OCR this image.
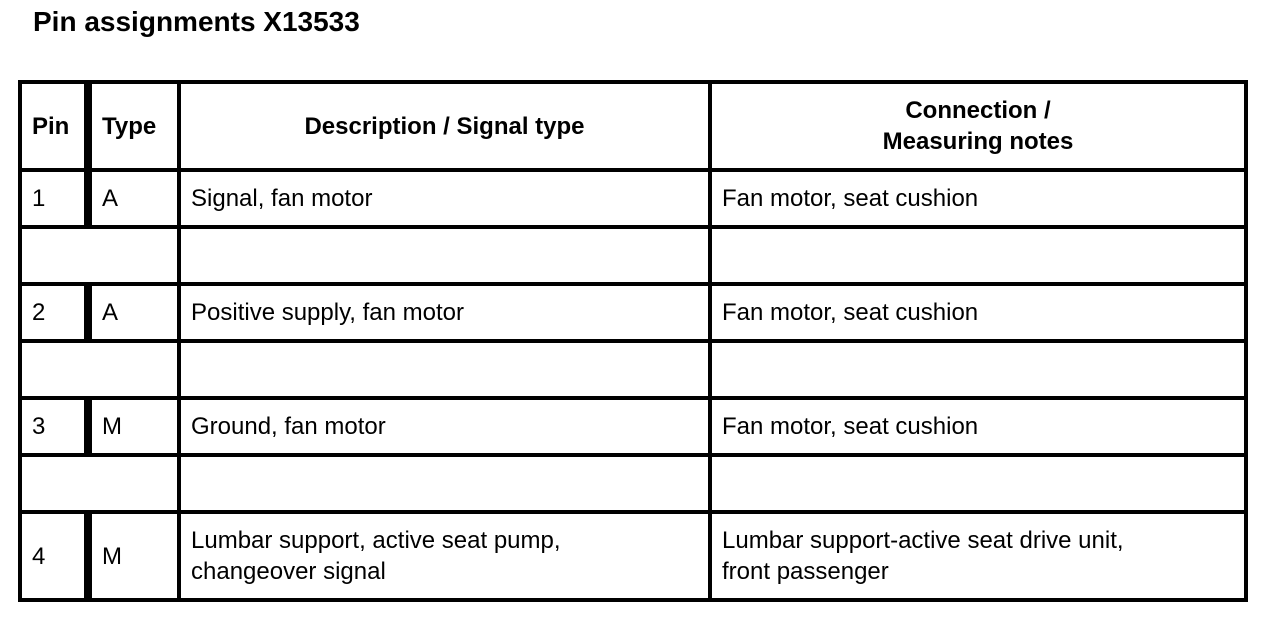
Pin assignments X13533
Pin	Type	Description / Signal type	Connection /
Measuring notes
1	A	Signal, fan motor	Fan motor, seat cushion

2	A	Positive supply, fan motor	Fan motor, seat cushion

3	M	Ground, fan motor	Fan motor, seat cushion

4	M	Lumbar support, active seat pump,
changeover signal	Lumbar support-active seat drive unit,
front passenger
